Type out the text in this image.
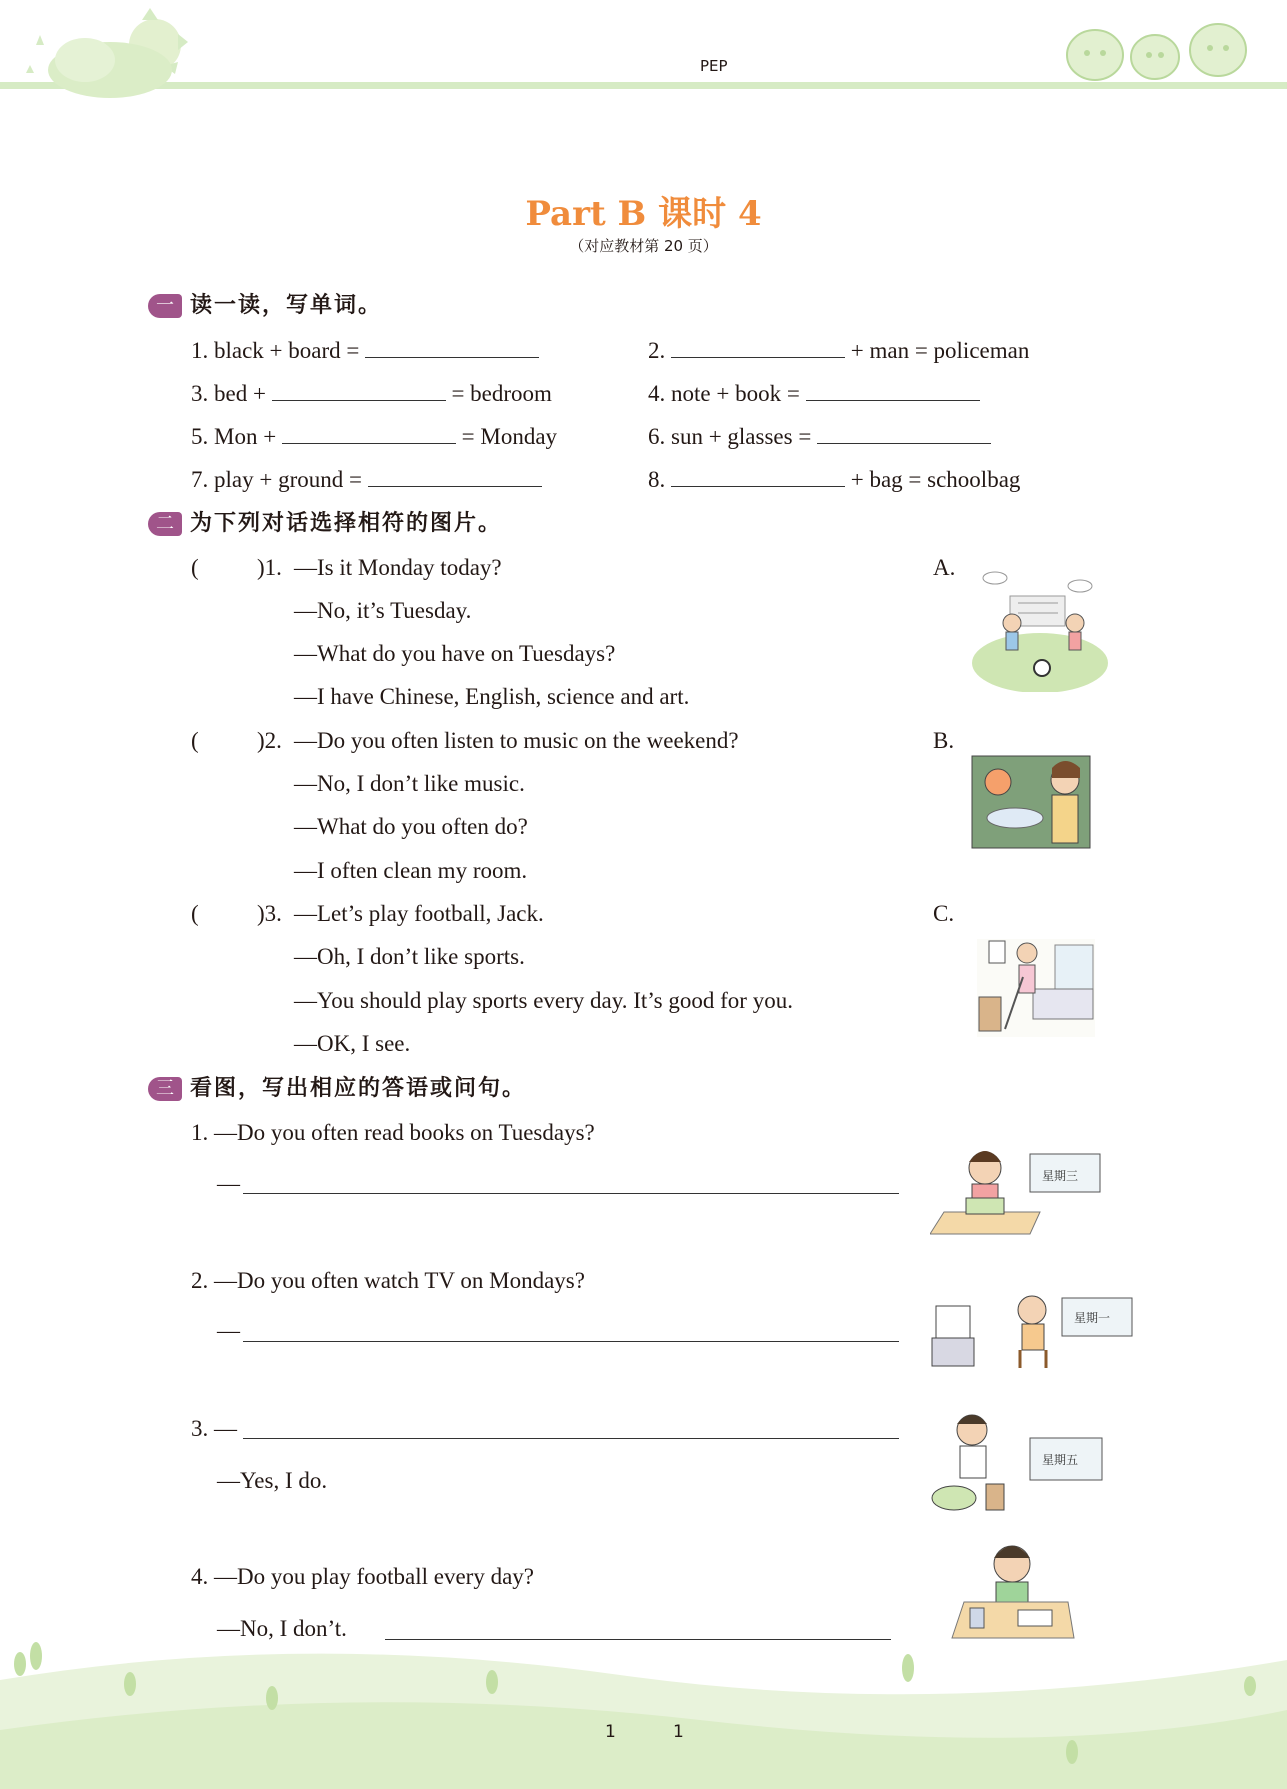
PEP
Part B 课时 4
（对应教材第 20 页）
一 读一读，写单词。
1. black + board =	2.	+ man = policeman
3. bed +	= bedroom	4. note + book =
5. Mon +	= Monday	6. sun + glasses =
7. play + ground =	8.	+ bag = schoolbag
二 为下列对话选择相符的图片。
(	)1. —Is it Monday today?
—No, it’s Tuesday.
—What do you have on Tuesdays?
—I have Chinese, English, science and art.
(	)2. —Do you often listen to music on the weekend?
—No, I don’t like music.
—What do you often do?
—I often clean my room.
(	)3. —Let’s play football, Jack.
—Oh, I don’t like sports.
—You should play sports every day. It’s good for you.
—OK, I see.
A.
B.
C.
三 看图，写出相应的答语或问句。
1. —Do you often read books on Tuesdays?
—
2. —Do you often watch TV on Mondays?
—
3. —
—Yes, I do.
4. —Do you play football every day?
—No, I don’t.
星期三
星期一
星期五
1	1
